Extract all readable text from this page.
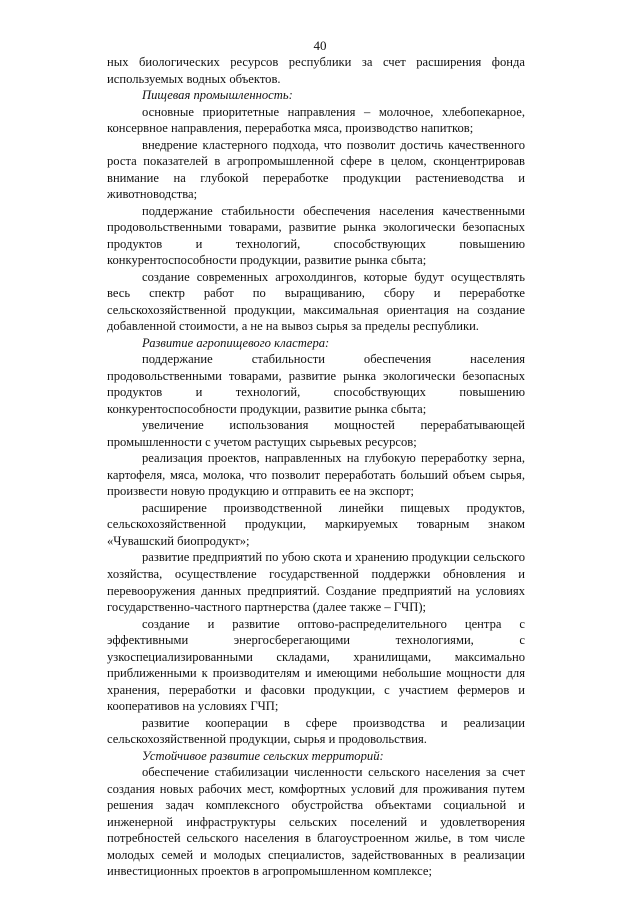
40

ных биологических ресурсов республики за счет расширения фонда используемых водных объектов.

Пищевая промышленность:

основные приоритетные направления – молочное, хлебопекарное, консервное направления, переработка мяса, производство напитков;

внедрение кластерного подхода, что позволит достичь качественного роста показателей в агропромышленной сфере в целом, сконцентрировав внимание на глубокой переработке продукции растениеводства и животноводства;

поддержание стабильности обеспечения населения качественными продовольственными товарами, развитие рынка экологически безопасных продуктов и технологий, способствующих повышению конкурентоспособности продукции, развитие рынка сбыта;

создание современных агрохолдингов, которые будут осуществлять весь спектр работ по выращиванию, сбору и переработке сельскохозяйственной продукции, максимальная ориентация на создание добавленной стоимости, а не на вывоз сырья за пределы республики.

Развитие агропищевого кластера:

поддержание стабильности обеспечения населения продовольственными товарами, развитие рынка экологически безопасных продуктов и технологий, способствующих повышению конкурентоспособности продукции, развитие рынка сбыта;

увеличение использования мощностей перерабатывающей промышленности с учетом растущих сырьевых ресурсов;

реализация проектов, направленных на глубокую переработку зерна, картофеля, мяса, молока, что позволит переработать больший объем сырья, произвести новую продукцию и отправить ее на экспорт;

расширение производственной линейки пищевых продуктов, сельскохозяйственной продукции, маркируемых товарным знаком «Чувашский биопродукт»;

развитие предприятий по убою скота и хранению продукции сельского хозяйства, осуществление государственной поддержки обновления и перевооружения данных предприятий. Создание предприятий на условиях государственно-частного партнерства (далее также – ГЧП);

создание и развитие оптово-распределительного центра с эффективными энергосберегающими технологиями, с узкоспециализированными складами, хранилищами, максимально приближенными к производителям и имеющими небольшие мощности для хранения, переработки и фасовки продукции, с участием фермеров и кооперативов на условиях ГЧП;

развитие кооперации в сфере производства и реализации сельскохозяйственной продукции, сырья и продовольствия.

Устойчивое развитие сельских территорий:

обеспечение стабилизации численности сельского населения за счет создания новых рабочих мест, комфортных условий для проживания путем решения задач комплексного обустройства объектами социальной и инженерной инфраструктуры сельских поселений и удовлетворения потребностей сельского населения в благоустроенном жилье, в том числе молодых семей и молодых специалистов, задействованных в реализации инвестиционных проектов в агропромышленном комплексе;
